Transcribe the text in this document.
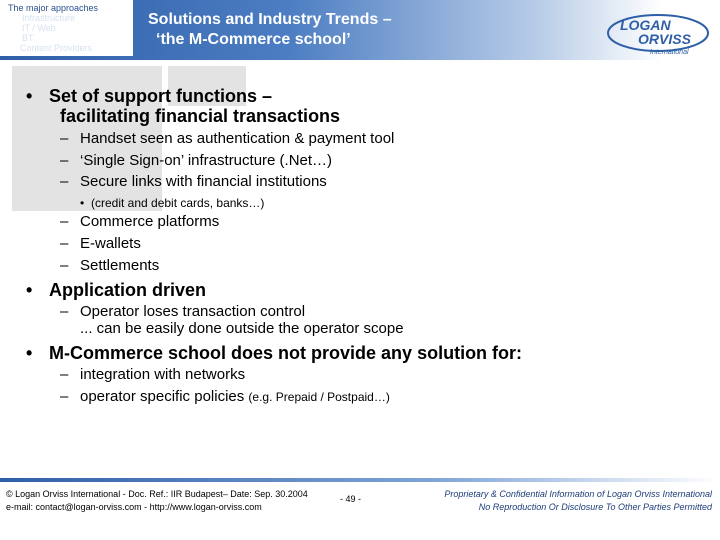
The major approaches
Infrastructure
IT / Web
BT
Content Providers
Solutions and Industry Trends –
‘the M-Commerce school’
LOGAN
ORVISS
International
• Set of support functions –
facilitating financial transactions
– Handset seen as authentication & payment tool
– ‘Single Sign-on’ infrastructure (.Net…)
– Secure links with financial institutions
• (credit and debit cards, banks…)
– Commerce platforms
– E-wallets
– Settlements
• Application driven
– Operator loses transaction control
... can be easily done outside the operator scope
• M-Commerce school does not provide any solution for:
– integration with networks
– operator specific policies (e.g. Prepaid / Postpaid…)
© Logan Orviss International - Doc. Ref.: IIR Budapest– Date: Sep. 30.2004
e-mail: contact@logan-orviss.com - http://www.logan-orviss.com
- 49 -	Proprietary & Confidential Information of Logan Orviss International
No Reproduction Or Disclosure To Other Parties Permitted
